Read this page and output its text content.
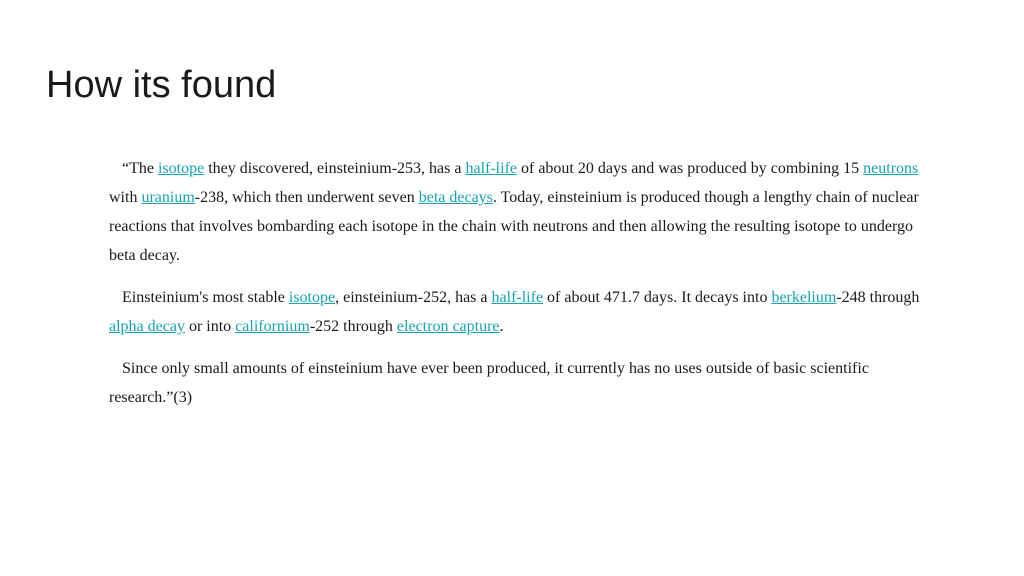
How its found

“The isotope they discovered, einsteinium-253, has a half-life of about 20 days and was produced by combining 15 neutrons with uranium-238, which then underwent seven beta decays. Today, einsteinium is produced though a lengthy chain of nuclear reactions that involves bombarding each isotope in the chain with neutrons and then allowing the resulting isotope to undergo beta decay.

Einsteinium's most stable isotope, einsteinium-252, has a half-life of about 471.7 days. It decays into berkelium-248 through alpha decay or into californium-252 through electron capture.

Since only small amounts of einsteinium have ever been produced, it currently has no uses outside of basic scientific research.”(3)
